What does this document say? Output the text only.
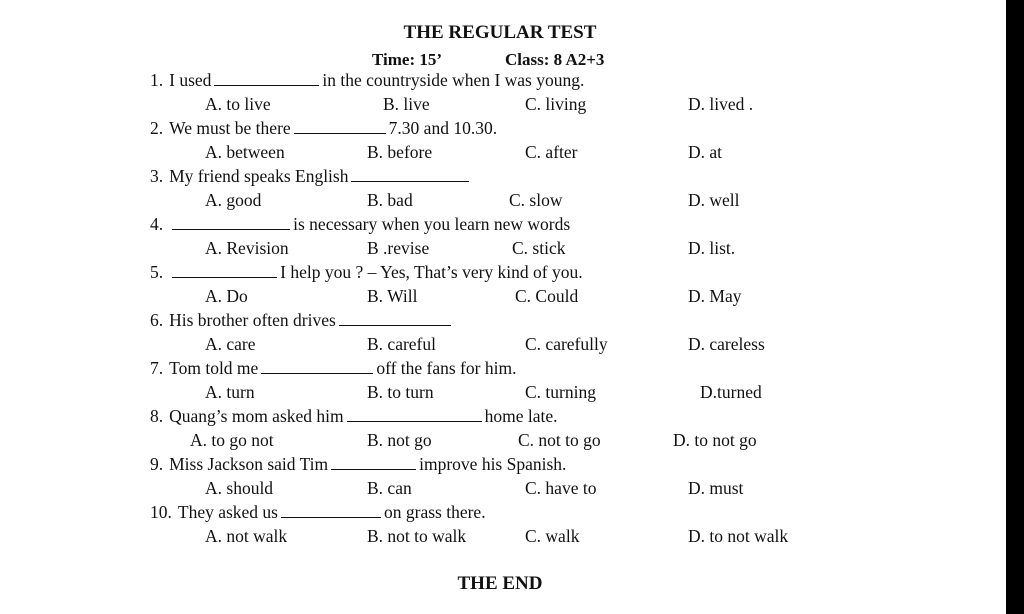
THE REGULAR TEST
Time: 15’	Class: 8 A2+3
1. I used	in the countryside when I was young.
A. to live	B. live	C. living	D. lived .
2. We must be there	7.30 and 10.30.
A. between	B. before	C. after	D. at
3. My friend speaks English
A. good	B. bad	C. slow	D. well
4.	is necessary when you learn new words
A. Revision	B .revise	C. stick	D. list.
5.	I help you ? – Yes, That’s very kind of you.
A. Do	B. Will	C. Could	D. May
6. His brother often drives
A. care	B. careful	C. carefully	D. careless
7. Tom told me	off the fans for him.
A. turn	B. to turn	C. turning	D.turned
8. Quang’s mom asked him	home late.
A. to go not	B. not go	C. not to go	D. to not go
9. Miss Jackson said Tim	improve his Spanish.
A. should	B. can	C. have to	D. must
10. They asked us	on grass there.
A. not walk	B. not to walk	C. walk	D. to not walk
THE END
